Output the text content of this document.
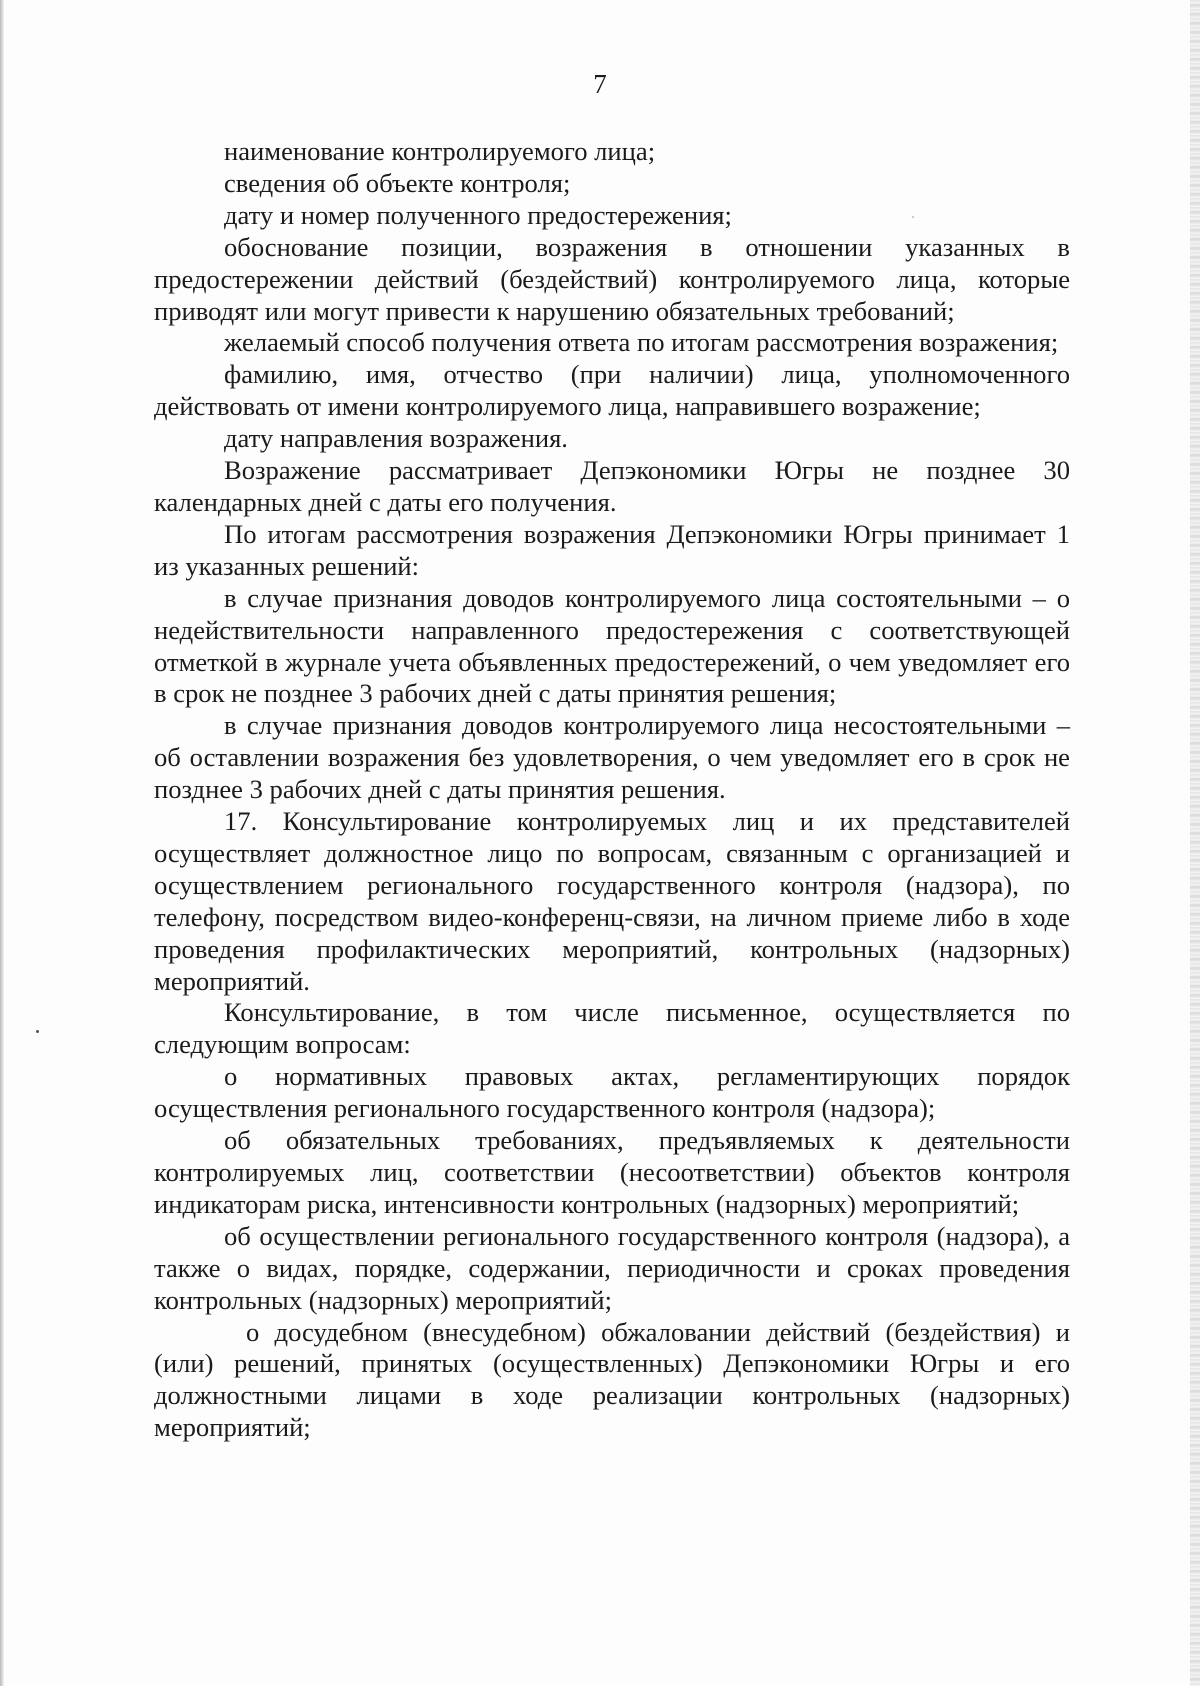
7

наименование контролируемого лица;

сведения об объекте контроля;

дату и номер полученного предостережения;

обоснование позиции, возражения в отношении указанных в предостережении действий (бездействий) контролируемого лица, которые приводят или могут привести к нарушению обязательных требований;

желаемый способ получения ответа по итогам рассмотрения возражения;

фамилию, имя, отчество (при наличии) лица, уполномоченного действовать от имени контролируемого лица, направившего возражение;

дату направления возражения.

Возражение рассматривает Депэкономики Югры не позднее 30 календарных дней с даты его получения.

По итогам рассмотрения возражения Депэкономики Югры принимает 1 из указанных решений:

в случае признания доводов контролируемого лица состоятельными – о недействительности направленного предостережения с соответствующей отметкой в журнале учета объявленных предостережений, о чем уведомляет его в срок не позднее 3 рабочих дней с даты принятия решения;

в случае признания доводов контролируемого лица несостоятельными – об оставлении возражения без удовлетворения, о чем уведомляет его в срок не позднее 3 рабочих дней с даты принятия решения.

17. Консультирование контролируемых лиц и их представителей осуществляет должностное лицо по вопросам, связанным с организацией и осуществлением регионального государственного контроля (надзора), по телефону, посредством видео-конференц-связи, на личном приеме либо в ходе проведения профилактических мероприятий, контрольных (надзорных) мероприятий.

Консультирование, в том числе письменное, осуществляется по следующим вопросам:

о нормативных правовых актах, регламентирующих порядок осуществления регионального государственного контроля (надзора);

об обязательных требованиях, предъявляемых к деятельности контролируемых лиц, соответствии (несоответствии) объектов контроля индикаторам риска, интенсивности контрольных (надзорных) мероприятий;

об осуществлении регионального государственного контроля (надзора), а также о видах, порядке, содержании, периодичности и сроках проведения контрольных (надзорных) мероприятий;

о досудебном (внесудебном) обжаловании действий (бездействия) и (или) решений, принятых (осуществленных) Депэкономики Югры и его должностными лицами в ходе реализации контрольных (надзорных) мероприятий;
